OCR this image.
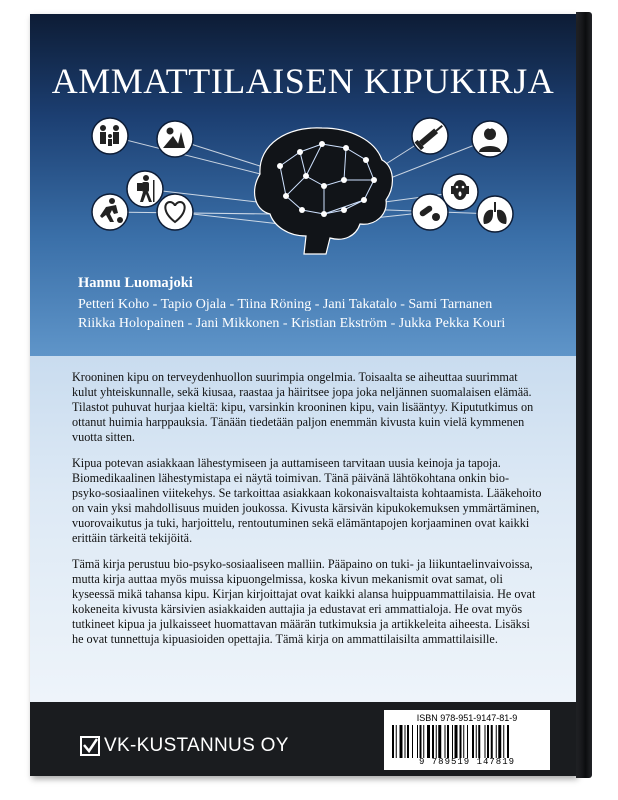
AMMATTILAISEN KIPUKIRJA
Hannu Luomajoki
Petteri Koho - Tapio Ojala - Tiina Röning - Jani Takatalo - Sami Tarnanen
Riikka Holopainen - Jani Mikkonen - Kristian Ekström - Jukka Pekka Kouri

Krooninen kipu on terveydenhuollon suurimpia ongelmia. Toisaalta se aiheuttaa suurimmat kulut yhteiskunnalle, sekä kiusaa, raastaa ja häiritsee jopa joka neljännen suomalaisen elämää. Tilastot puhuvat hurjaa kieltä: kipu, varsinkin krooninen kipu, vain lisääntyy. Kipututkimus on ottanut huimia harppauksia. Tänään tiedetään paljon enemmän kivusta kuin vielä kymmenen vuotta sitten.

Kipua potevan asiakkaan lähestymiseen ja auttamiseen tarvitaan uusia keinoja ja tapoja. Biomedikaalinen lähestymistapa ei näytä toimivan. Tänä päivänä lähtökohtana onkin bio-psyko-sosiaalinen viitekehys. Se tarkoittaa asiakkaan kokonaisvaltaista kohtaamista. Lääkehoito on vain yksi mahdollisuus muiden joukossa. Kivusta kärsivän kipukokemuksen ymmärtäminen, vuorovaikutus ja tuki, harjoittelu, rentoutuminen sekä elämäntapojen korjaaminen ovat kaikki erittäin tärkeitä tekijöitä.

Tämä kirja perustuu bio-psyko-sosiaaliseen malliin. Pääpaino on tuki- ja liikuntaelinvaivoissa, mutta kirja auttaa myös muissa kipuongelmissa, koska kivun mekanismit ovat samat, oli kyseessä mikä tahansa kipu. Kirjan kirjoittajat ovat kaikki alansa huippuammattilaisia. He ovat kokeneita kivusta kärsivien asiakkaiden auttajia ja edustavat eri ammattialoja. He ovat myös tutkineet kipua ja julkaisseet huomattavan määrän tutkimuksia ja artikkeleita aiheesta. Lisäksi he ovat tunnettuja kipuasioiden opettajia. Tämä kirja on ammattilaisilta ammattilaisille.

VK-KUSTANNUS OY
ISBN 978-951-9147-81-9
9 789519 147819
